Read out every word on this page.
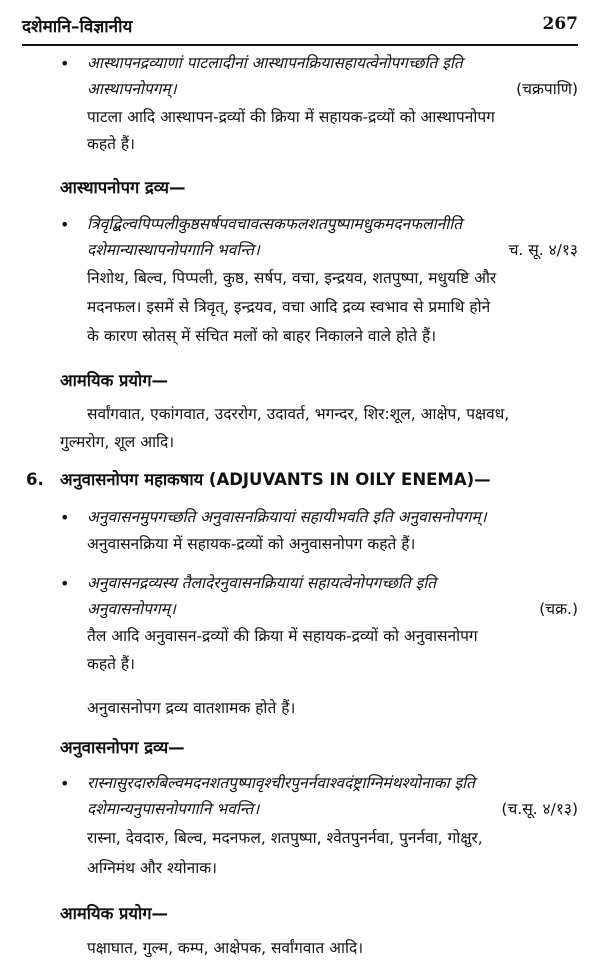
दशेमानि–विज्ञानीय	267
• आस्थापनद्रव्याणां पाटलादीनां आस्थापनक्रियासहायत्वेनोपगच्छति इति
आस्थापनोपगम्।	(चक्रपाणि)
पाटला आदि आस्थापन-द्रव्यों की क्रिया में सहायक-द्रव्यों को आस्थापनोपग
कहते हैं।
आस्थापनोपग द्रव्य—
• त्रिवृद्बिल्वपिप्पलीकुष्ठसर्षपवचावत्सकफलशतपुष्पामधुकमदनफलानीति
दशेमान्यास्थापनोपगानि भवन्ति।	च. सू. ४/१३
निशोथ, बिल्व, पिप्पली, कुष्ठ, सर्षप, वचा, इन्द्रयव, शतपुष्पा, मधुयष्टि और
मदनफल। इसमें से त्रिवृत्, इन्द्रयव, वचा आदि द्रव्य स्वभाव से प्रमाथि होने
के कारण स्रोतस् में संचित मलों को बाहर निकालने वाले होते हैं।
आमयिक प्रयोग—
सर्वांगवात, एकांगवात, उदररोग, उदावर्त, भगन्दर, शिर:शूल, आक्षेप, पक्षवध,
गुल्मरोग, शूल आदि।
6. अनुवासनोपग महाकषाय (ADJUVANTS IN OILY ENEMA)—
• अनुवासनमुपगच्छति अनुवासनक्रियायां सहायीभवति इति अनुवासनोपगम्।
अनुवासनक्रिया में सहायक-द्रव्यों को अनुवासनोपग कहते हैं।
• अनुवासनद्रव्यस्य तैलादेरनुवासनक्रियायां सहायत्वेनोपगच्छति इति
अनुवासनोपगम्।	(चक्र.)
तैल आदि अनुवासन-द्रव्यों की क्रिया में सहायक-द्रव्यों को अनुवासनोपग
कहते हैं।
अनुवासनोपग द्रव्य वातशामक होते हैं।
अनुवासनोपग द्रव्य—
• रास्नासुरदारुबिल्वमदनशतपुष्पावृश्चीरपुनर्नवाश्वदंष्ट्राग्निमंथश्योनाका इति
दशेमान्यनुपासनोपगानि भवन्ति।	(च.सू. ४/१३)
रास्ना, देवदारु, बिल्व, मदनफल, शतपुष्पा, श्वेतपुनर्नवा, पुनर्नवा, गोक्षुर,
अग्निमंथ और श्योनाक।
आमयिक प्रयोग—
पक्षाघात, गुल्म, कम्प, आक्षेपक, सर्वांगवात आदि।
